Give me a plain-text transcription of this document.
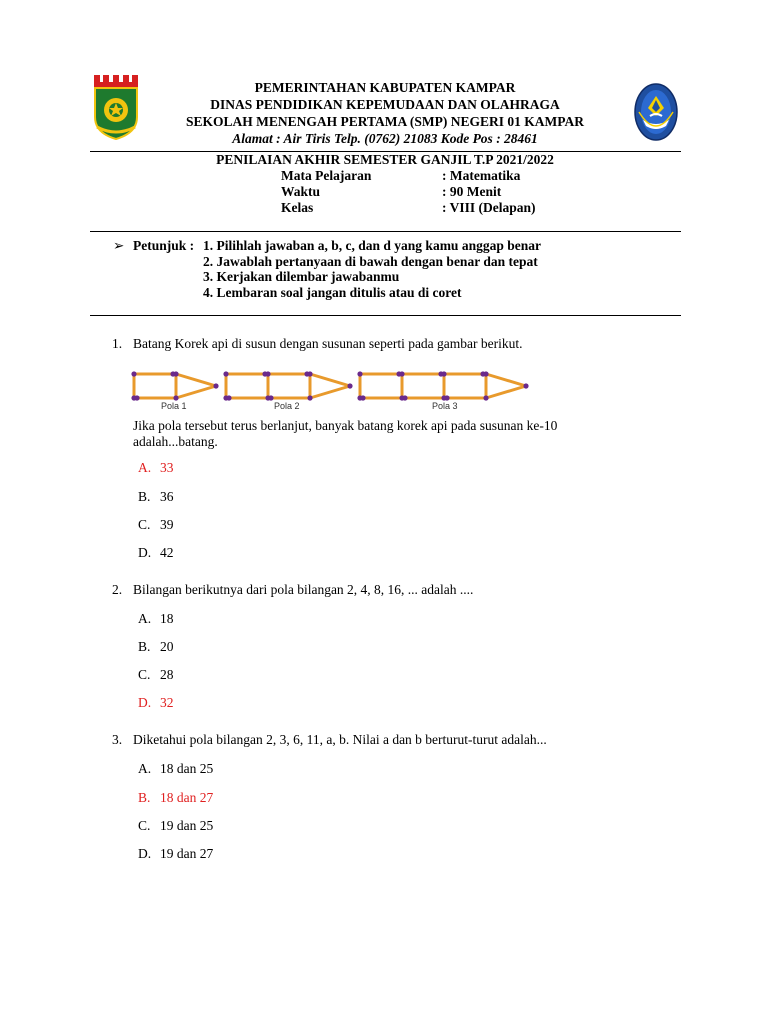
PEMERINTAHAN KABUPATEN KAMPAR
DINAS PENDIDIKAN KEPEMUDAAN DAN OLAHRAGA
SEKOLAH MENENGAH PERTAMA (SMP) NEGERI 01 KAMPAR
Alamat : Air Tiris Telp. (0762) 21083 Kode Pos : 28461
PENILAIAN AKHIR SEMESTER GANJIL T.P 2021/2022
Mata Pelajaran	: Matematika
Waktu	: 90 Menit
Kelas	: VIII (Delapan)
➢ Petunjuk : 1. Pilihlah jawaban a, b, c, dan d yang kamu anggap benar
2. Jawablah pertanyaan di bawah dengan benar dan tepat
3. Kerjakan dilembar jawabanmu
4. Lembaran soal jangan ditulis atau di coret
1. Batang Korek api di susun dengan susunan seperti pada gambar berikut.
Pola 1	Pola 2	Pola 3
Jika pola tersebut terus berlanjut, banyak batang korek api pada susunan ke-10
adalah...batang.
A. 33
B. 36
C. 39
D. 42
2. Bilangan berikutnya dari pola bilangan 2, 4, 8, 16, ... adalah ....
A. 18
B. 20
C. 28
D. 32
3. Diketahui pola bilangan 2, 3, 6, 11, a, b. Nilai a dan b berturut-turut adalah...
A. 18 dan 25
B. 18 dan 27
C. 19 dan 25
D. 19 dan 27
